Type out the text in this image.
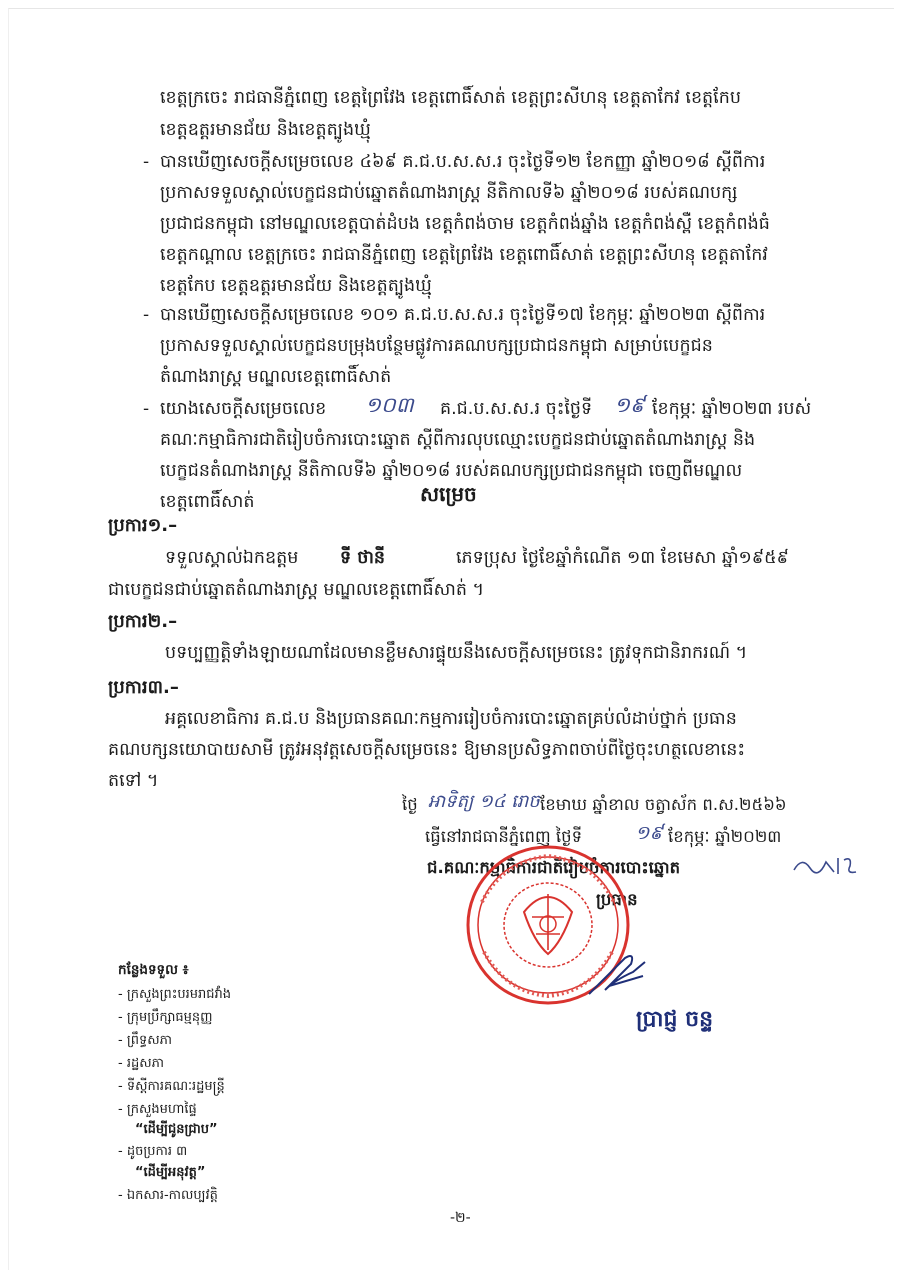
ខេត្តក្រចេះ រាជធានីភ្នំពេញ ខេត្តព្រៃវែង ខេត្តពោធិ៍សាត់ ខេត្តព្រះសីហនុ ខេត្តតាកែវ ខេត្តកែប
ខេត្តឧត្តរមានជ័យ និងខេត្តត្បូងឃ្មុំ
- បានឃើញសេចក្ដីសម្រេចលេខ ៤៦៩ គ.ជ.ប.ស.ស.រ ចុះថ្ងៃទី១២ ខែកញ្ញា ឆ្នាំ២០១៨ ស្ដីពីការ
ប្រកាសទទួលស្គាល់បេក្ខជនជាប់ឆ្នោតតំណាងរាស្ត្រ នីតិកាលទី៦ ឆ្នាំ២០១៨ របស់គណបក្ស
ប្រជាជនកម្ពុជា នៅមណ្ឌលខេត្តបាត់ដំបង ខេត្តកំពង់ចាម ខេត្តកំពង់ឆ្នាំង ខេត្តកំពង់ស្ពឺ ខេត្តកំពង់ធំ
ខេត្តកណ្ដាល ខេត្តក្រចេះ រាជធានីភ្នំពេញ ខេត្តព្រៃវែង ខេត្តពោធិ៍សាត់ ខេត្តព្រះសីហនុ ខេត្តតាកែវ
ខេត្តកែប ខេត្តឧត្តរមានជ័យ និងខេត្តត្បូងឃ្មុំ
- បានឃើញសេចក្ដីសម្រេចលេខ ១០១ គ.ជ.ប.ស.ស.រ ចុះថ្ងៃទី១៧ ខែកុម្ភៈ ឆ្នាំ២០២៣ ស្ដីពីការ
ប្រកាសទទួលស្គាល់បេក្ខជនបម្រុងបន្ថែមផ្លូវការគណបក្សប្រជាជនកម្ពុជា សម្រាប់បេក្ខជន
តំណាងរាស្ត្រ មណ្ឌលខេត្តពោធិ៍សាត់
- យោងសេចក្ដីសម្រេចលេខ ១០៣ គ.ជ.ប.ស.ស.រ ចុះថ្ងៃទី ១៩ ខែកុម្ភៈ ឆ្នាំ២០២៣ របស់
គណៈកម្មាធិការជាតិរៀបចំការបោះឆ្នោត ស្ដីពីការលុបឈ្មោះបេក្ខជនជាប់ឆ្នោតតំណាងរាស្ត្រ និង
បេក្ខជនតំណាងរាស្ត្រ នីតិកាលទី៦ ឆ្នាំ២០១៨ របស់គណបក្សប្រជាជនកម្ពុជា ចេញពីមណ្ឌល
ខេត្តពោធិ៍សាត់	សម្រេច
ប្រការ១.–
ទទួលស្គាល់ឯកឧត្ដម ទី ថានី	ភេទប្រុស ថ្ងៃខែឆ្នាំកំណើត ១៣ ខែមេសា ឆ្នាំ១៩៥៩
ជាបេក្ខជនជាប់ឆ្នោតតំណាងរាស្ត្រ មណ្ឌលខេត្តពោធិ៍សាត់ ។
ប្រការ២.–
បទប្បញ្ញត្តិទាំងឡាយណាដែលមានខ្លឹមសារផ្ទុយនឹងសេចក្ដីសម្រេចនេះ ត្រូវទុកជានិរាករណ៍ ។
ប្រការ៣.–
អគ្គលេខាធិការ គ.ជ.ប និងប្រធានគណៈកម្មការរៀបចំការបោះឆ្នោតគ្រប់លំដាប់ថ្នាក់ ប្រធាន
គណបក្សនយោបាយសាមី ត្រូវអនុវត្តសេចក្ដីសម្រេចនេះ ឱ្យមានប្រសិទ្ធភាពចាប់ពីថ្ងៃចុះហត្ថលេខានេះ
តទៅ ។
ថ្ងៃ អាទិត្យ ១៤ រោច ខែមាឃ ឆ្នាំខាល ចត្វាស័ក ព.ស.២៥៦៦
ធ្វើនៅរាជធានីភ្នំពេញ ថ្ងៃទី	១៩ ខែកុម្ភៈ ឆ្នាំ២០២៣
ជ.គណៈកម្មាធិការជាតិរៀបចំការបោះឆ្នោត
ប្រធាន
ប្រាជ្ញ ចន្ទ
កន្លែងទទួល ៖
- ក្រសួងព្រះបរមរាជវាំង
- ក្រុមប្រឹក្សាធម្មនុញ្ញ
- ព្រឹទ្ធសភា
- រដ្ឋសភា
- ទីស្ដីការគណៈរដ្ឋមន្ត្រី
- ក្រសួងមហាផ្ទៃ
“ដើម្បីជូនជ្រាប”
- ដូចប្រការ ៣
“ដើម្បីអនុវត្ត”
- ឯកសារ-កាលប្បវត្តិ
-២-
